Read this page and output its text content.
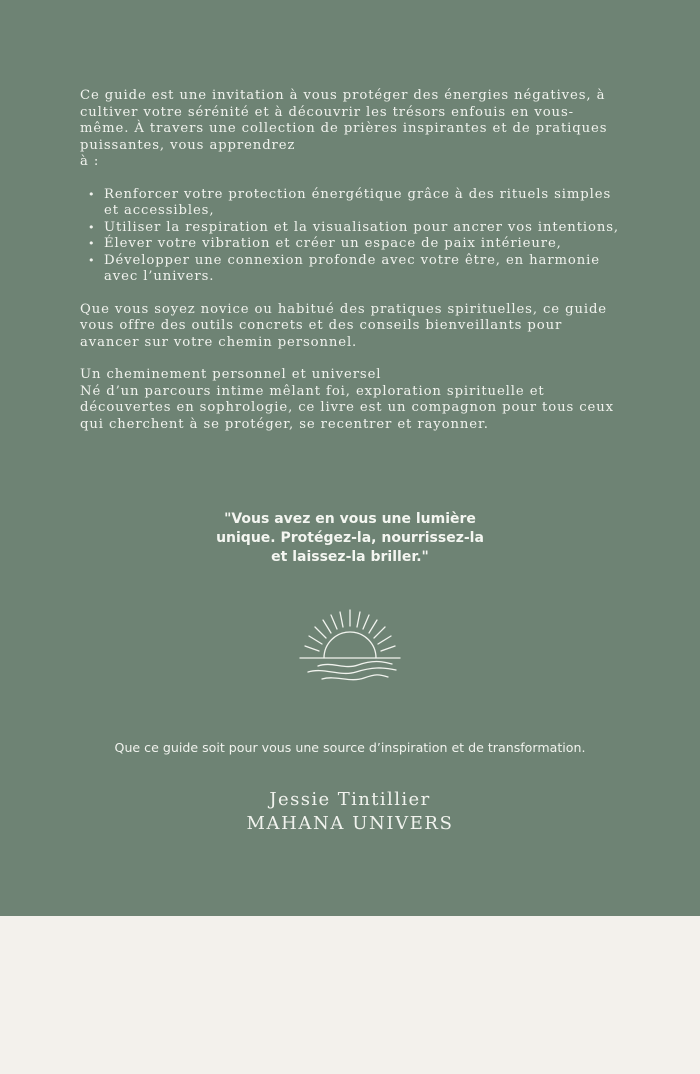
Ce guide est une invitation à vous protéger des énergies négatives, à
cultiver votre sérénité et à découvrir les trésors enfouis en vous-
même. À travers une collection de prières inspirantes et de pratiques
puissantes, vous apprendrez
à :

• Renforcer votre protection énergétique grâce à des rituels simples et accessibles,
• Utiliser la respiration et la visualisation pour ancrer vos intentions,
• Élever votre vibration et créer un espace de paix intérieure,
• Développer une connexion profonde avec votre être, en harmonie avec l’univers.

Que vous soyez novice ou habitué des pratiques spirituelles, ce guide vous offre des outils concrets et des conseils bienveillants pour avancer sur votre chemin personnel.

Un cheminement personnel et universel

Né d’un parcours intime mêlant foi, exploration spirituelle et découvertes en sophrologie, ce livre est un compagnon pour tous ceux qui cherchent à se protéger, se recentrer et rayonner.

"Vous avez en vous une lumière
unique. Protégez-la, nourrissez-la
et laissez-la briller."
Que ce guide soit pour vous une source d’inspiration et de transformation.
Jessie Tintillier
MAHANA UNIVERS
